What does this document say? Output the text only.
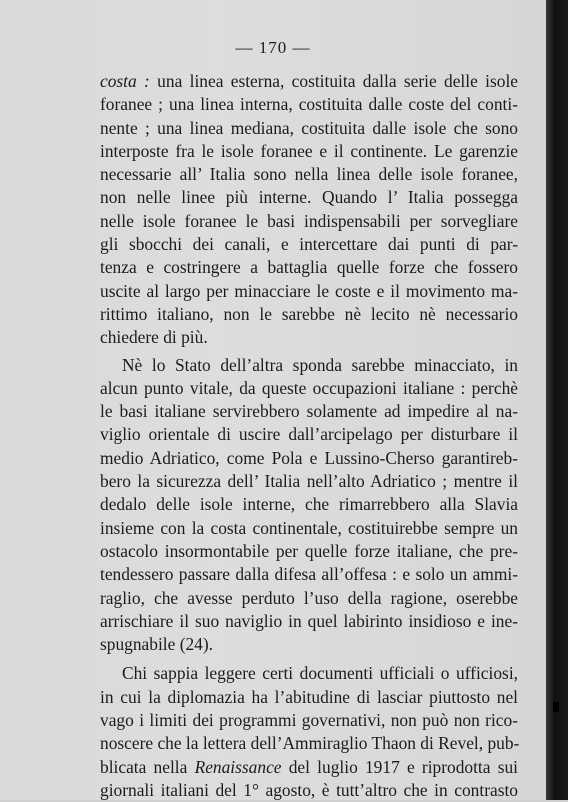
— 170 —
costa : una linea esterna, costituita dalla serie delle isole
foranee ; una linea interna, costituita dalle coste del conti-
nente ; una linea mediana, costituita dalle isole che sono
interposte fra le isole foranee e il continente. Le garenzie
necessarie all’ Italia sono nella linea delle isole foranee,
non nelle linee più interne. Quando l’ Italia possegga
nelle isole foranee le basi indispensabili per sorvegliare
gli sbocchi dei canali, e intercettare dai punti di par-
tenza e costringere a battaglia quelle forze che fossero
uscite al largo per minacciare le coste e il movimento ma-
rittimo italiano, non le sarebbe nè lecito nè necessario
chiedere di più.
Nè lo Stato dell’altra sponda sarebbe minacciato, in
alcun punto vitale, da queste occupazioni italiane : perchè
le basi italiane servirebbero solamente ad impedire al na-
viglio orientale di uscire dall’arcipelago per disturbare il
medio Adriatico, come Pola e Lussino-Cherso garantireb-
bero la sicurezza dell’ Italia nell’alto Adriatico ; mentre il
dedalo delle isole interne, che rimarrebbero alla Slavia
insieme con la costa continentale, costituirebbe sempre un
ostacolo insormontabile per quelle forze italiane, che pre-
tendessero passare dalla difesa all’offesa : e solo un ammi-
raglio, che avesse perduto l’uso della ragione, oserebbe
arrischiare il suo naviglio in quel labirinto insidioso e ine-
spugnabile (24).
Chi sappia leggere certi documenti ufficiali o ufficiosi,
in cui la diplomazia ha l’abitudine di lasciar piuttosto nel
vago i limiti dei programmi governativi, non può non rico-
noscere che la lettera dell’Ammiraglio Thaon di Revel, pub-
blicata nella Renaissance del luglio 1917 e riprodotta sui
giornali italiani del 1° agosto, è tutt’altro che in contrasto
